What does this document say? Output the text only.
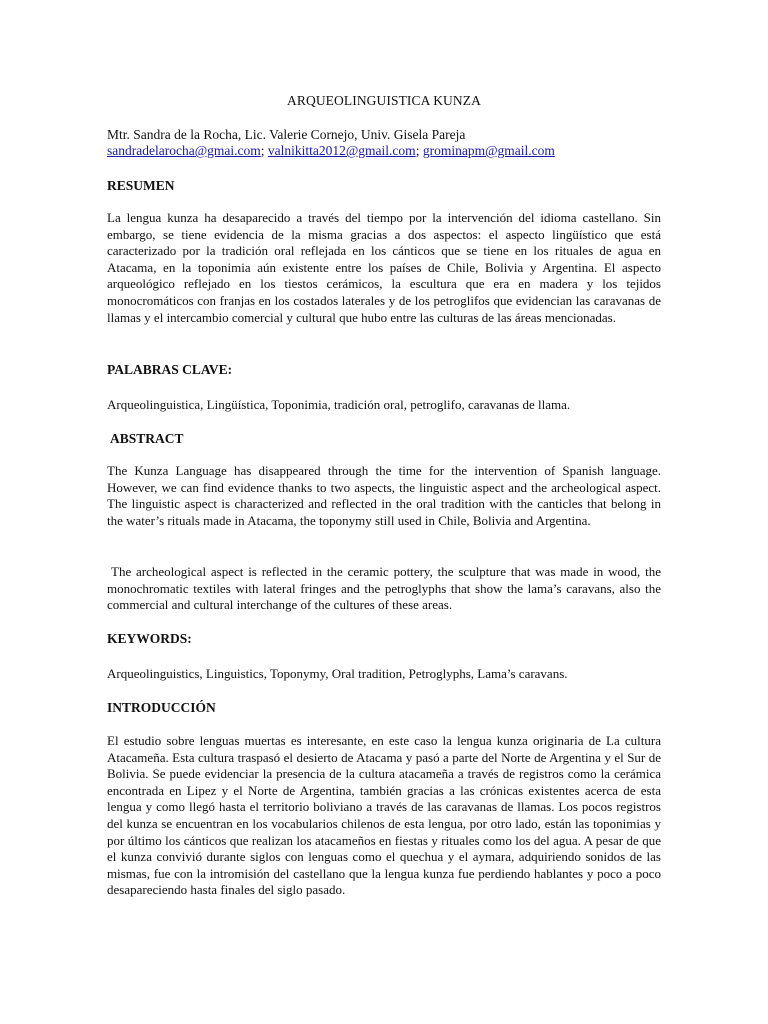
ARQUEOLINGUISTICA KUNZA
Mtr. Sandra de la Rocha, Lic. Valerie Cornejo, Univ. Gisela Pareja
sandradelarocha@gmai.com; valnikitta2012@gmail.com; grominapm@gmail.com
RESUMEN

La lengua kunza ha desaparecido a través del tiempo por la intervención del idioma castellano. Sin embargo, se tiene evidencia de la misma gracias a dos aspectos: el aspecto lingüístico que está caracterizado por la tradición oral reflejada en los cánticos que se tiene en los rituales de agua en Atacama, en la toponimia aún existente entre los países de Chile, Bolivia y Argentina. El aspecto arqueológico reflejado en los tiestos cerámicos, la escultura que era en madera y los tejidos monocromáticos con franjas en los costados laterales y de los petroglifos que evidencian las caravanas de llamas y el intercambio comercial y cultural que hubo entre las culturas de las áreas mencionadas.

PALABRAS CLAVE:
Arqueolinguistica, Lingüística, Toponimia, tradición oral, petroglifo, caravanas de llama.
ABSTRACT

The Kunza Language has disappeared through the time for the intervention of Spanish language. However, we can find evidence thanks to two aspects, the linguistic aspect and the archeological aspect. The linguistic aspect is characterized and reflected in the oral tradition with the canticles that belong in the water’s rituals made in Atacama, the toponymy still used in Chile, Bolivia and Argentina.

The archeological aspect is reflected in the ceramic pottery, the sculpture that was made in wood, the monochromatic textiles with lateral fringes and the petroglyphs that show the lama’s caravans, also the commercial and cultural interchange of the cultures of these areas.

KEYWORDS:
Arqueolinguistics, Linguistics, Toponymy, Oral tradition, Petroglyphs, Lama’s caravans.
INTRODUCCIÓN

El estudio sobre lenguas muertas es interesante, en este caso la lengua kunza originaria de La cultura Atacameña. Esta cultura traspasó el desierto de Atacama y pasó a parte del Norte de Argentina y el Sur de Bolivia. Se puede evidenciar la presencia de la cultura atacameña a través de registros como la cerámica encontrada en Lipez y el Norte de Argentina, también gracias a las crónicas existentes acerca de esta lengua y como llegó hasta el territorio boliviano a través de las caravanas de llamas. Los pocos registros del kunza se encuentran en los vocabularios chilenos de esta lengua, por otro lado, están las toponimias y por último los cánticos que realizan los atacameños en fiestas y rituales como los del agua. A pesar de que el kunza convivió durante siglos con lenguas como el quechua y el aymara, adquiriendo sonidos de las mismas, fue con la intromisión del castellano que la lengua kunza fue perdiendo hablantes y poco a poco desapareciendo hasta finales del siglo pasado.
